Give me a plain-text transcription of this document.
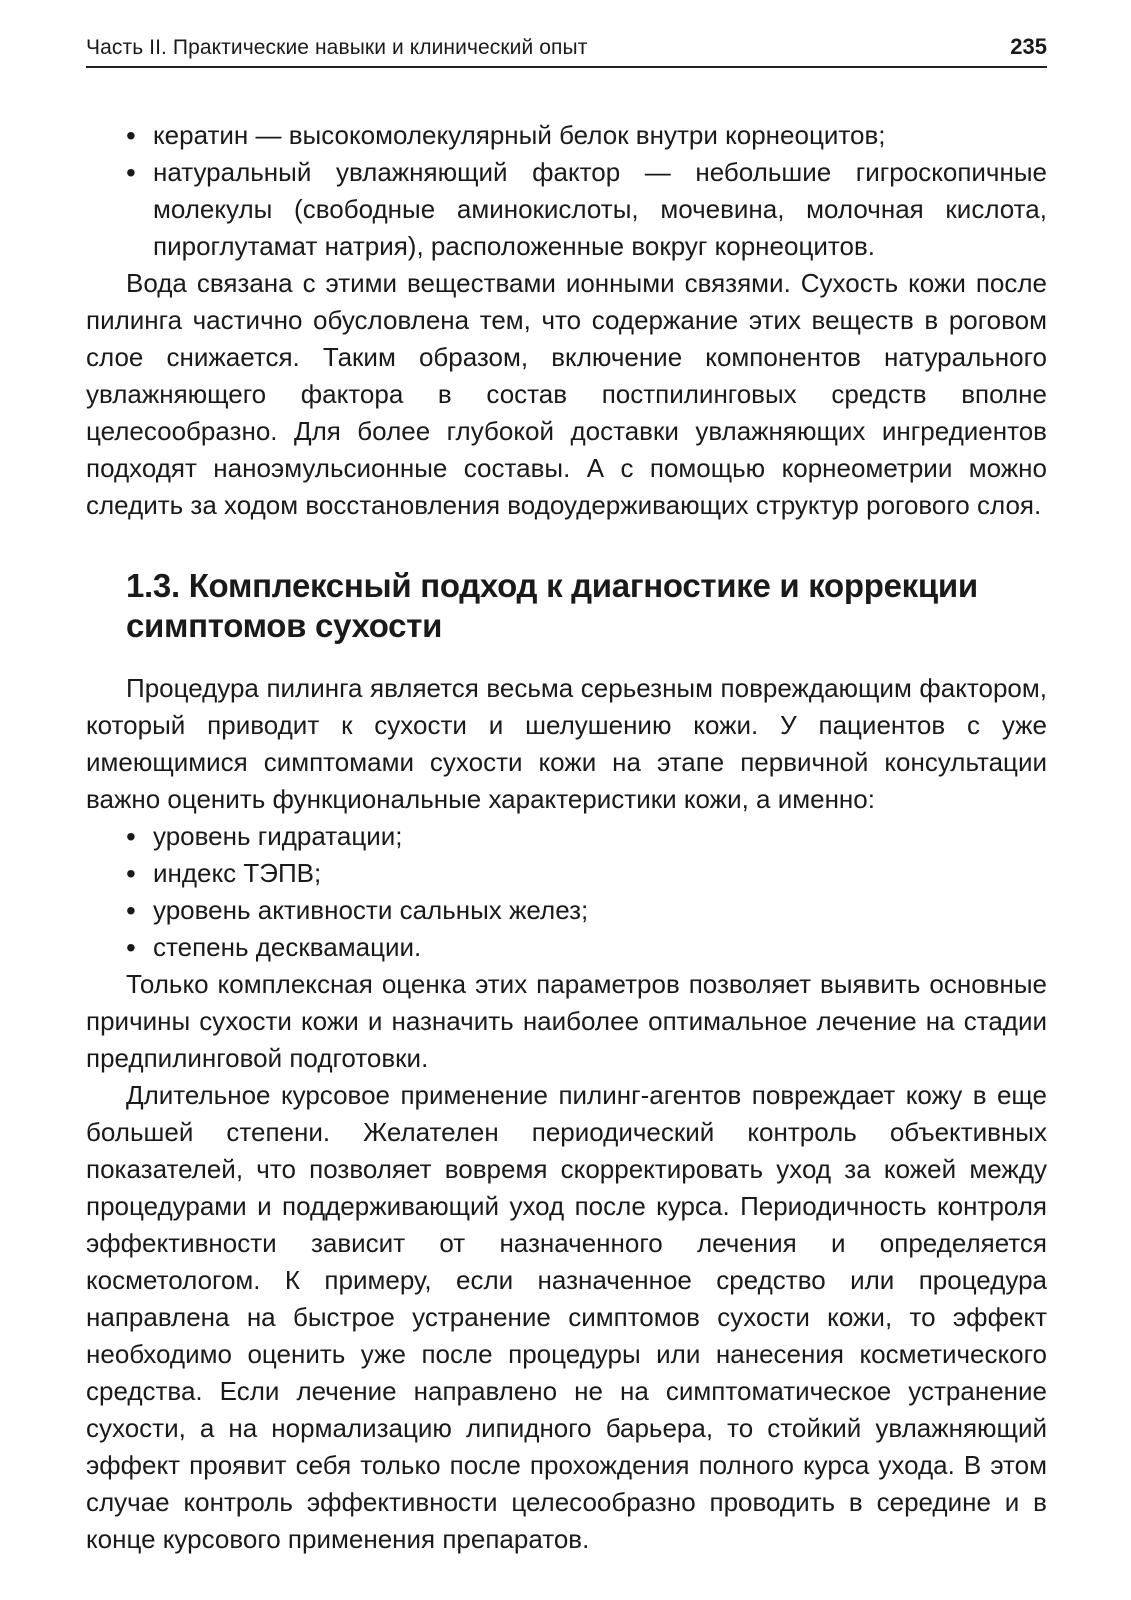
Часть II. Практические навыки и клинический опыт	235
• кератин — высокомолекулярный белок внутри корнеоцитов;
• натуральный увлажняющий фактор — небольшие гигроскопичные молекулы (свободные аминокислоты, мочевина, молочная кислота, пироглутамат натрия), расположенные вокруг корнеоцитов.

Вода связана с этими веществами ионными связями. Сухость кожи после пилинга частично обусловлена тем, что содержание этих веществ в роговом слое снижается. Таким образом, включение компонентов натурального увлажняющего фактора в состав постпилинговых средств вполне целесообразно. Для более глубокой доставки увлажняющих ингредиентов подходят наноэмульсионные составы. А с помощью корнеометрии можно следить за ходом восстановления водоудерживающих структур рогового слоя.

1.3. Комплексный подход к диагностике и коррекции симптомов сухости

Процедура пилинга является весьма серьезным повреждающим фактором, который приводит к сухости и шелушению кожи. У пациентов с уже имеющимися симптомами сухости кожи на этапе первичной консультации важно оценить функциональные характеристики кожи, а именно:

• уровень гидратации;
• индекс ТЭПВ;
• уровень активности сальных желез;
• степень десквамации.

Только комплексная оценка этих параметров позволяет выявить основные причины сухости кожи и назначить наиболее оптимальное лечение на стадии предпилинговой подготовки.

Длительное курсовое применение пилинг-агентов повреждает кожу в еще большей степени. Желателен периодический контроль объективных показателей, что позволяет вовремя скорректировать уход за кожей между процедурами и поддерживающий уход после курса. Периодичность контроля эффективности зависит от назначенного лечения и определяется косметологом. К примеру, если назначенное средство или процедура направлена на быстрое устранение симптомов сухости кожи, то эффект необходимо оценить уже после процедуры или нанесения косметического средства. Если лечение направлено не на симптоматическое устранение сухости, а на нормализацию липидного барьера, то стойкий увлажняющий эффект проявит себя только после прохождения полного курса ухода. В этом случае контроль эффективности целесообразно проводить в середине и в конце курсового применения препаратов.
